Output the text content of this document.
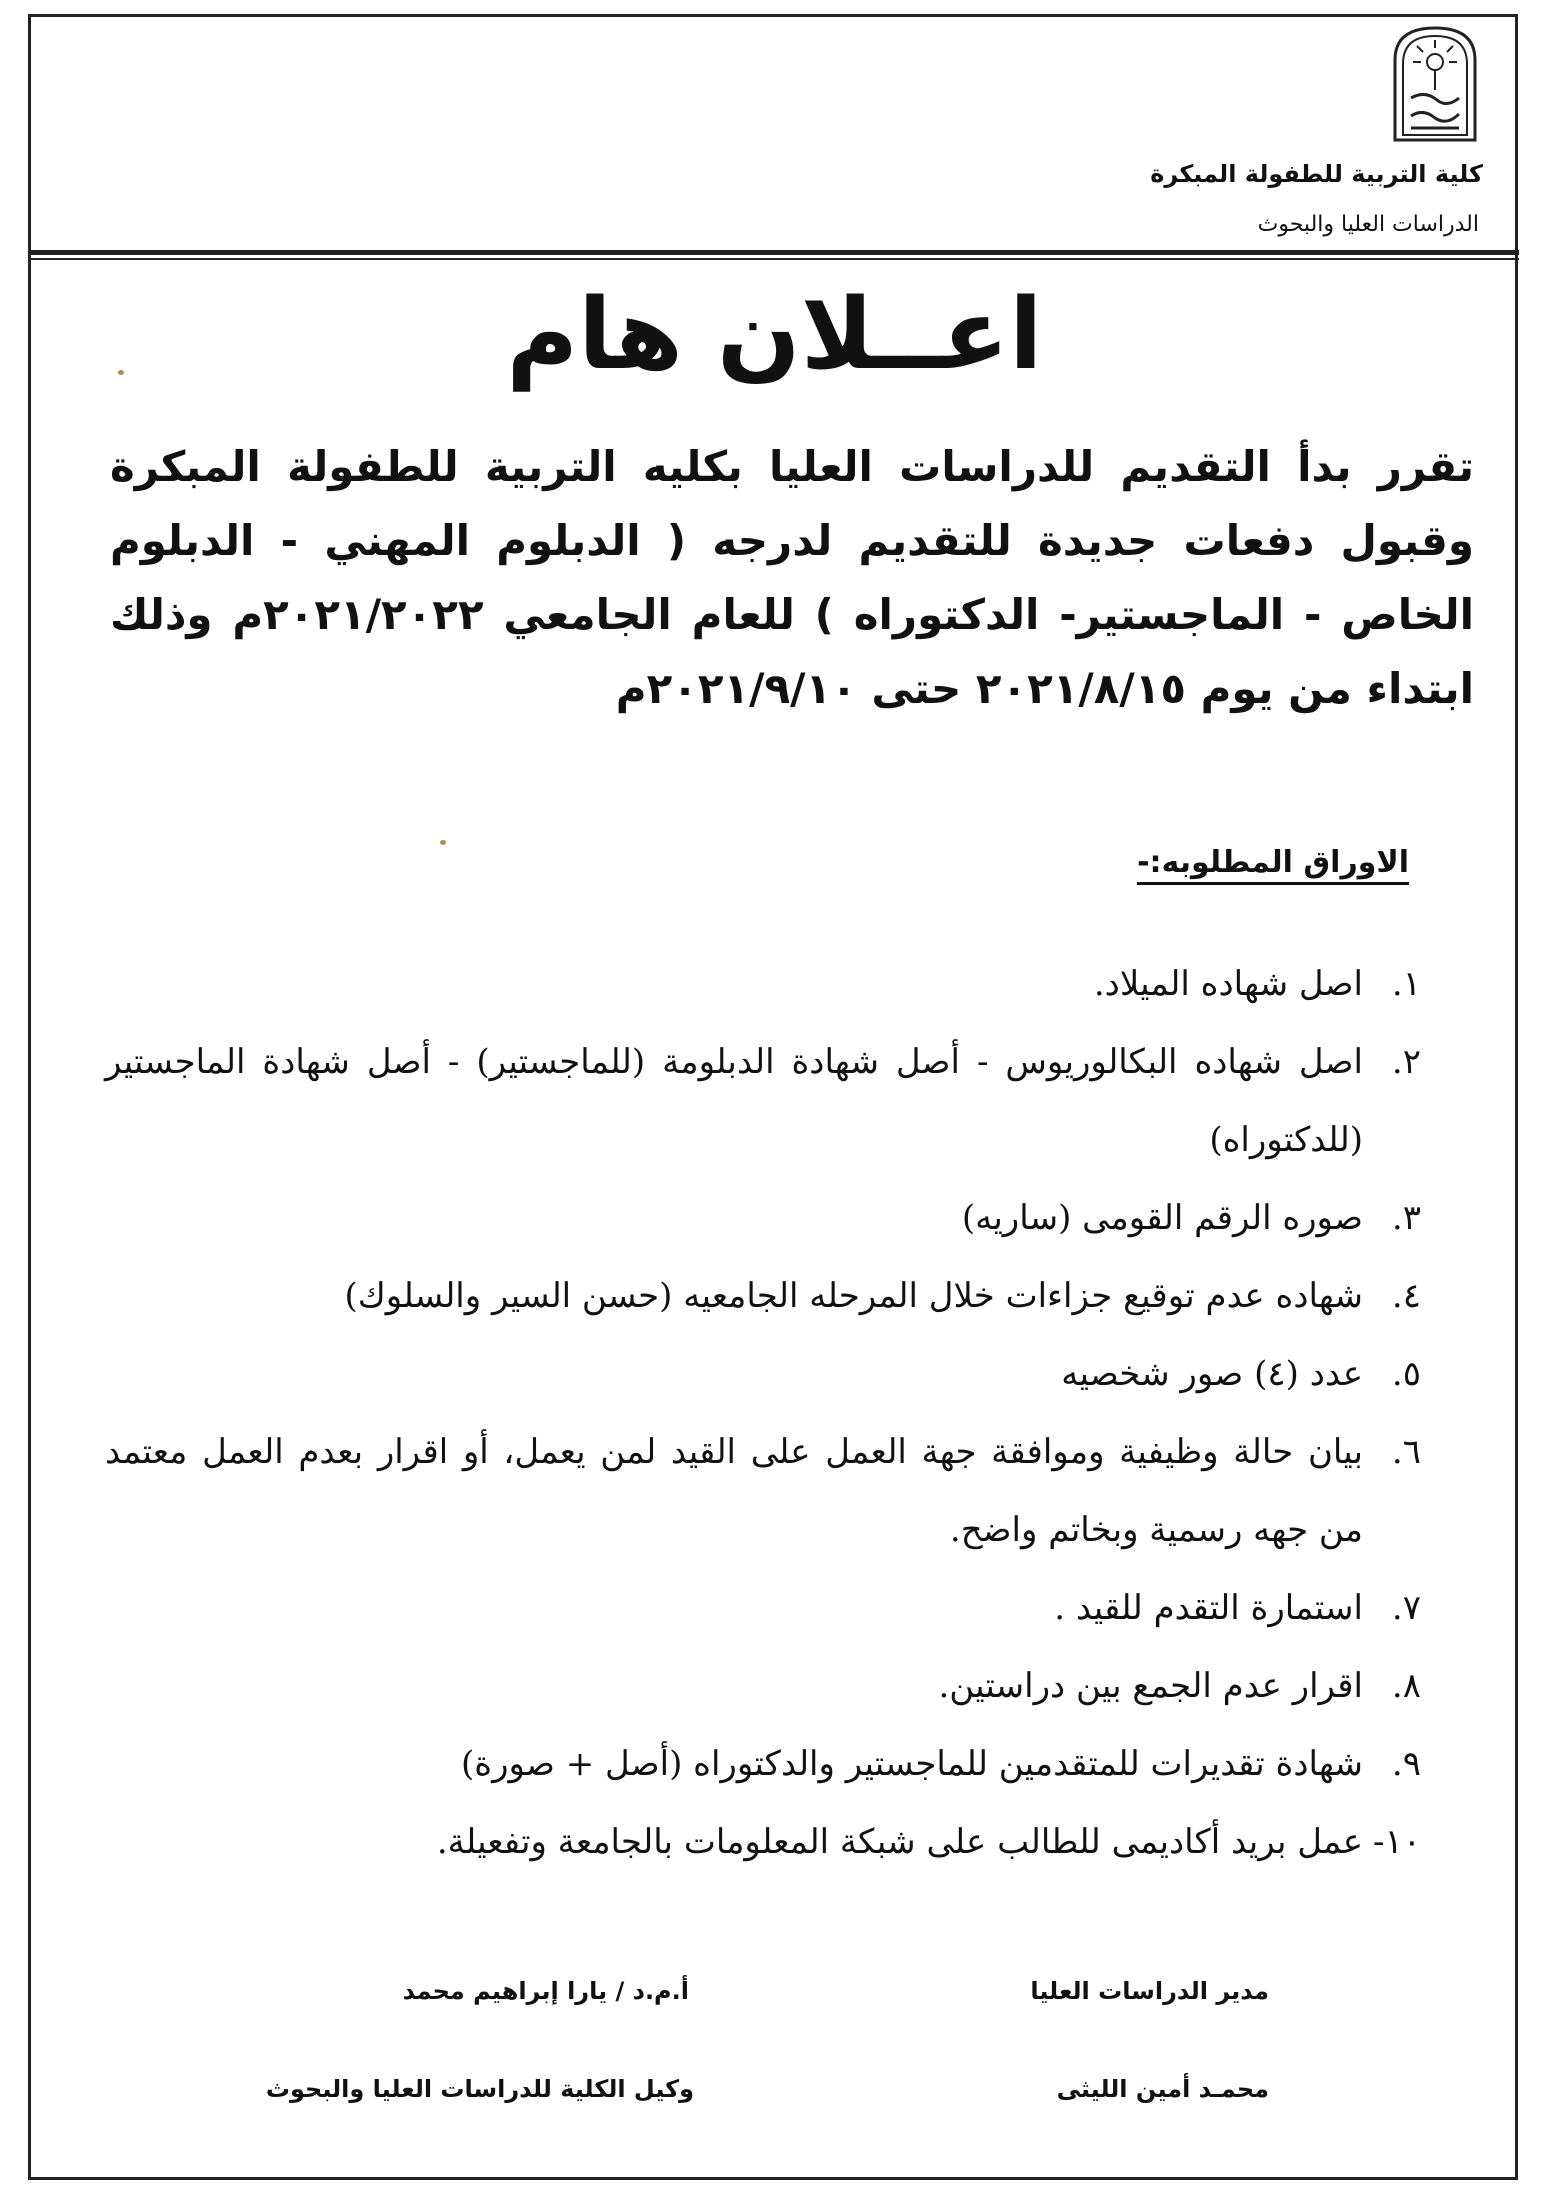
كلية التربية للطفولة المبكرة
الدراسات العليا والبحوث
اعــلان هام
تقرر بدأ التقديم للدراسات العليا بكليه التربية للطفولة المبكرة وقبول دفعات جديدة للتقديم لدرجه ( الدبلوم المهني - الدبلوم الخاص - الماجستير- الدكتوراه ) للعام الجامعي ٢٠٢١/٢٠٢٢م وذلك ابتداء من يوم ٢٠٢١/٨/١٥ حتى ٢٠٢١/٩/١٠م
الاوراق المطلوبه:-
١.
اصل شهاده الميلاد.
٢.
اصل شهاده البكالوريوس - أصل شهادة الدبلومة (للماجستير) - أصل شهادة الماجستير (للدكتوراه)
٣.
صوره الرقم القومى (ساريه)
٤.
شهاده عدم توقيع جزاءات خلال المرحله الجامعيه (حسن السير والسلوك)
٥.
عدد (٤) صور شخصيه
٦.
بيان حالة وظيفية وموافقة جهة العمل على القيد لمن يعمل، أو اقرار بعدم العمل معتمد من جهه رسمية وبخاتم واضح.
٧.
استمارة التقدم للقيد .
٨.
اقرار عدم الجمع بين دراستين.
٩.
شهادة تقديرات للمتقدمين للماجستير والدكتوراه (أصل + صورة)
١٠-
عمل بريد أكاديمى للطالب على شبكة المعلومات بالجامعة وتفعيلة.
مدير الدراسات العليا
محمـد أمين الليثى
أ.م.د / يارا إبراهيم محمد
وكيل الكلية للدراسات العليا والبحوث
